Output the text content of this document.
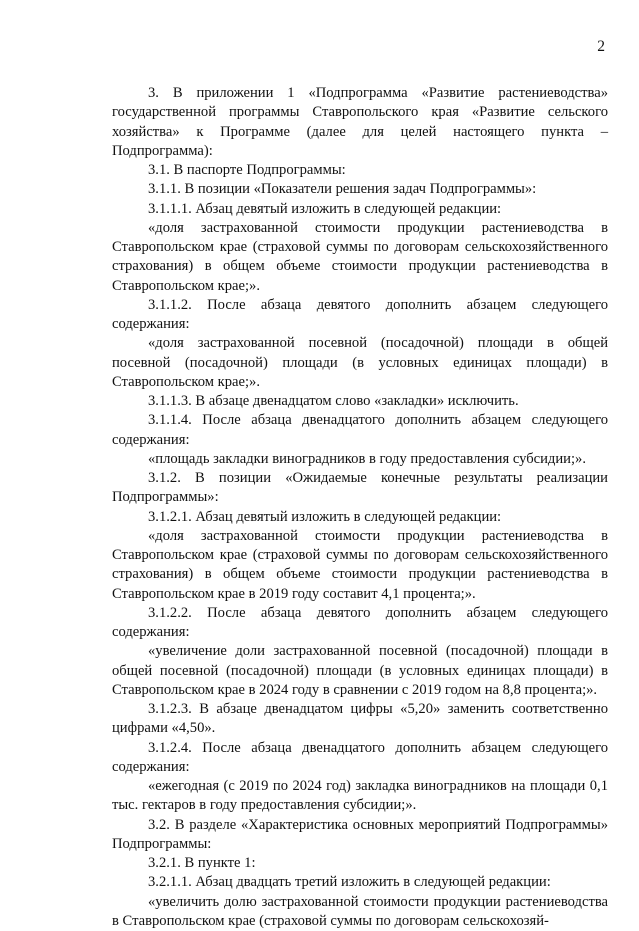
2

3. В приложении 1 «Подпрограмма «Развитие растениеводства» государственной программы Ставропольского края «Развитие сельского хозяйства» к Программе (далее для целей настоящего пункта – Подпрограмма):

3.1. В паспорте Подпрограммы:

3.1.1. В позиции «Показатели решения задач Подпрограммы»:

3.1.1.1. Абзац девятый изложить в следующей редакции:

«доля застрахованной стоимости продукции растениеводства в Ставропольском крае (страховой суммы по договорам сельскохозяйственного страхования) в общем объеме стоимости продукции растениеводства в Ставропольском крае;».

3.1.1.2. После абзаца девятого дополнить абзацем следующего содержания:

«доля застрахованной посевной (посадочной) площади в общей посевной (посадочной) площади (в условных единицах площади) в Ставропольском крае;».

3.1.1.3. В абзаце двенадцатом слово «закладки» исключить.

3.1.1.4. После абзаца двенадцатого дополнить абзацем следующего содержания:

«площадь закладки виноградников в году предоставления субсидии;».

3.1.2. В позиции «Ожидаемые конечные результаты реализации Подпрограммы»:

3.1.2.1. Абзац девятый изложить в следующей редакции:

«доля застрахованной стоимости продукции растениеводства в Ставропольском крае (страховой суммы по договорам сельскохозяйственного страхования) в общем объеме стоимости продукции растениеводства в Ставропольском крае в 2019 году составит 4,1 процента;».

3.1.2.2. После абзаца девятого дополнить абзацем следующего содержания:

«увеличение доли застрахованной посевной (посадочной) площади в общей посевной (посадочной) площади (в условных единицах площади) в Ставропольском крае в 2024 году в сравнении с 2019 годом на 8,8 процента;».

3.1.2.3. В абзаце двенадцатом цифры «5,20» заменить соответственно цифрами «4,50».

3.1.2.4. После абзаца двенадцатого дополнить абзацем следующего содержания:

«ежегодная (с 2019 по 2024 год) закладка виноградников на площади 0,1 тыс. гектаров в году предоставления субсидии;».

3.2. В разделе «Характеристика основных мероприятий Подпрограммы» Подпрограммы:

3.2.1. В пункте 1:

3.2.1.1. Абзац двадцать третий изложить в следующей редакции:

«увеличить долю застрахованной стоимости продукции растениеводства в Ставропольском крае (страховой суммы по договорам сельскохозяй-
